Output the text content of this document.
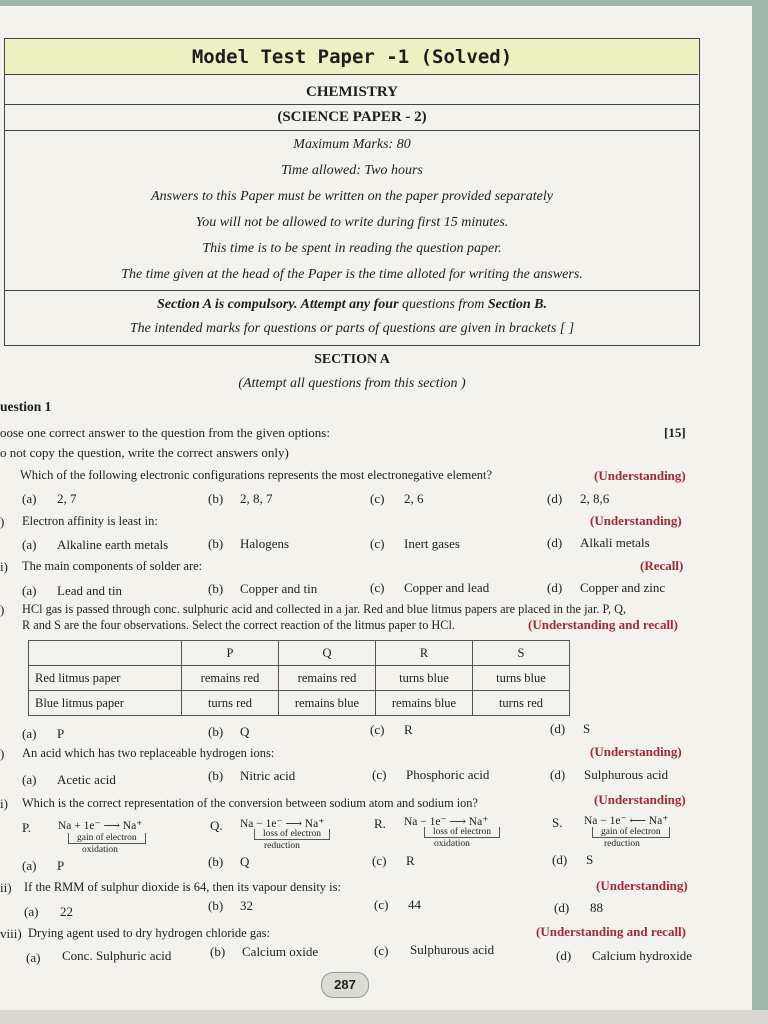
Model Test Paper -1 (Solved)
CHEMISTRY
(SCIENCE PAPER - 2)
Maximum Marks: 80
Time allowed: Two hours
Answers to this Paper must be written on the paper provided separately
You will not be allowed to write during first 15 minutes.
This time is to be spent in reading the question paper.
The time given at the head of the Paper is the time alloted for writing the answers.
Section A is compulsory. Attempt any four questions from Section B.
The intended marks for questions or parts of questions are given in brackets [ ]
SECTION A
(Attempt all questions from this section )
uestion 1
oose one correct answer to the question from the given options:	[15]
o not copy the question, write the correct answers only)
Which of the following electronic configurations represents the most electronegative element?	(Understanding)
(a) 2, 7	(b) 2, 8, 7	(c) 2, 6	(d) 2, 8,6
) Electron affinity is least in:	(Understanding)
(a) Alkaline earth metals	(b) Halogens	(c) Inert gases	(d) Alkali metals
i) The main components of solder are:	(Recall)
(a) Lead and tin	(b) Copper and tin	(c) Copper and lead	(d) Copper and zinc
) HCl gas is passed through conc. sulphuric acid and collected in a jar. Red and blue litmus papers are placed in the jar. P, Q,
R and S are the four observations. Select the correct reaction of the litmus paper to HCl.	(Understanding and recall)
	P	Q	R	S
Red litmus paper	remains red	remains red	turns blue	turns blue
Blue litmus paper	turns red	remains blue	remains blue	turns red
(a) P	(b) Q	(c) R	(d) S
) An acid which has two replaceable hydrogen ions:	(Understanding)
(a) Acetic acid	(b) Nitric acid	(c) Phosphoric acid	(d) Sulphurous acid
i) Which is the correct representation of the conversion between sodium atom and sodium ion?	(Understanding)
P. Na + 1e⁻ ⟶ Na⁺
gain of electron
oxidation
Q. Na − 1e⁻ ⟶ Na⁺
loss of electron
reduction
R. Na − 1e⁻ ⟶ Na⁺
loss of electron
oxidation
S. Na − 1e⁻ ⟵ Na⁺
gain of electron
reduction
(a) P	(b) Q	(c) R	(d) S
ii) If the RMM of sulphur dioxide is 64, then its vapour density is:	(Understanding)
(a) 22	(b) 32	(c) 44	(d) 88
viii) Drying agent used to dry hydrogen chloride gas:	(Understanding and recall)
(a) Conc. Sulphuric acid	(b) Calcium oxide	(c) Sulphurous acid	(d) Calcium hydroxide
287
